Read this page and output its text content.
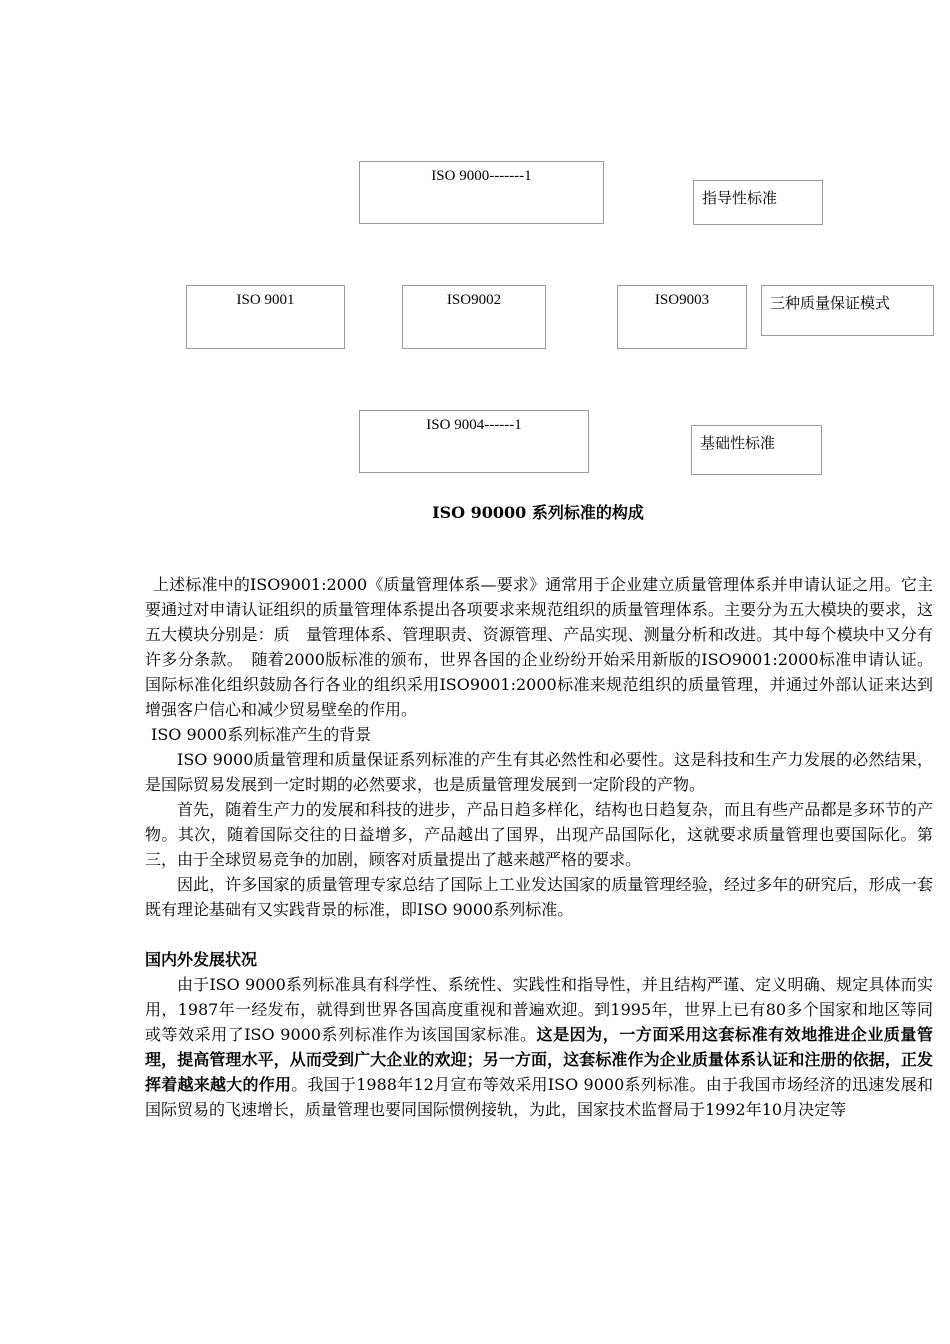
ISO 9000-------1
指导性标准
ISO 9001	ISO9002	ISO9003	三种质量保证模式
ISO 9004------1
基础性标准
ISO 90000 系列标准的构成

上述标准中的ISO9001:2000《质量管理体系—要求》通常用于企业建立质量管理体系并申请认证之用。它主要通过对申请认证组织的质量管理体系提出各项要求来规范组织的质量管理体系。主要分为五大模块的要求，这五大模块分别是：质　量管理体系、管理职责、资源管理、产品实现、测量分析和改进。其中每个模块中又分有许多分条款。　随着2000版标准的颁布，世界各国的企业纷纷开始采用新版的ISO9001:2000标准申请认证。国际标准化组织鼓励各行各业的组织采用ISO9001:2000标准来规范组织的质量管理，并通过外部认证来达到增强客户信心和减少贸易壁垒的作用。

ISO 9000系列标准产生的背景

ISO 9000质量管理和质量保证系列标准的产生有其必然性和必要性。这是科技和生产力发展的必然结果，是国际贸易发展到一定时期的必然要求，也是质量管理发展到一定阶段的产物。

首先，随着生产力的发展和科技的进步，产品日趋多样化，结构也日趋复杂，而且有些产品都是多环节的产物。其次，随着国际交往的日益增多，产品越出了国界，出现产品国际化，这就要求质量管理也要国际化。第三，由于全球贸易竞争的加剧，顾客对质量提出了越来越严格的要求。

因此，许多国家的质量管理专家总结了国际上工业发达国家的质量管理经验，经过多年的研究后，形成一套既有理论基础有又实践背景的标准，即ISO 9000系列标准。

国内外发展状况

由于ISO 9000系列标准具有科学性、系统性、实践性和指导性，并且结构严谨、定义明确、规定具体而实用，1987年一经发布，就得到世界各国高度重视和普遍欢迎。到1995年，世界上已有80多个国家和地区等同或等效采用了ISO 9000系列标准作为该国国家标准。这是因为，一方面采用这套标准有效地推进企业质量管理，提高管理水平，从而受到广大企业的欢迎；另一方面，这套标准作为企业质量体系认证和注册的依据，正发挥着越来越大的作用。我国于1988年12月宣布等效采用ISO 9000系列标准。由于我国市场经济的迅速发展和国际贸易的飞速增长，质量管理也要同国际惯例接轨，为此，国家技术监督局于1992年10月决定等
